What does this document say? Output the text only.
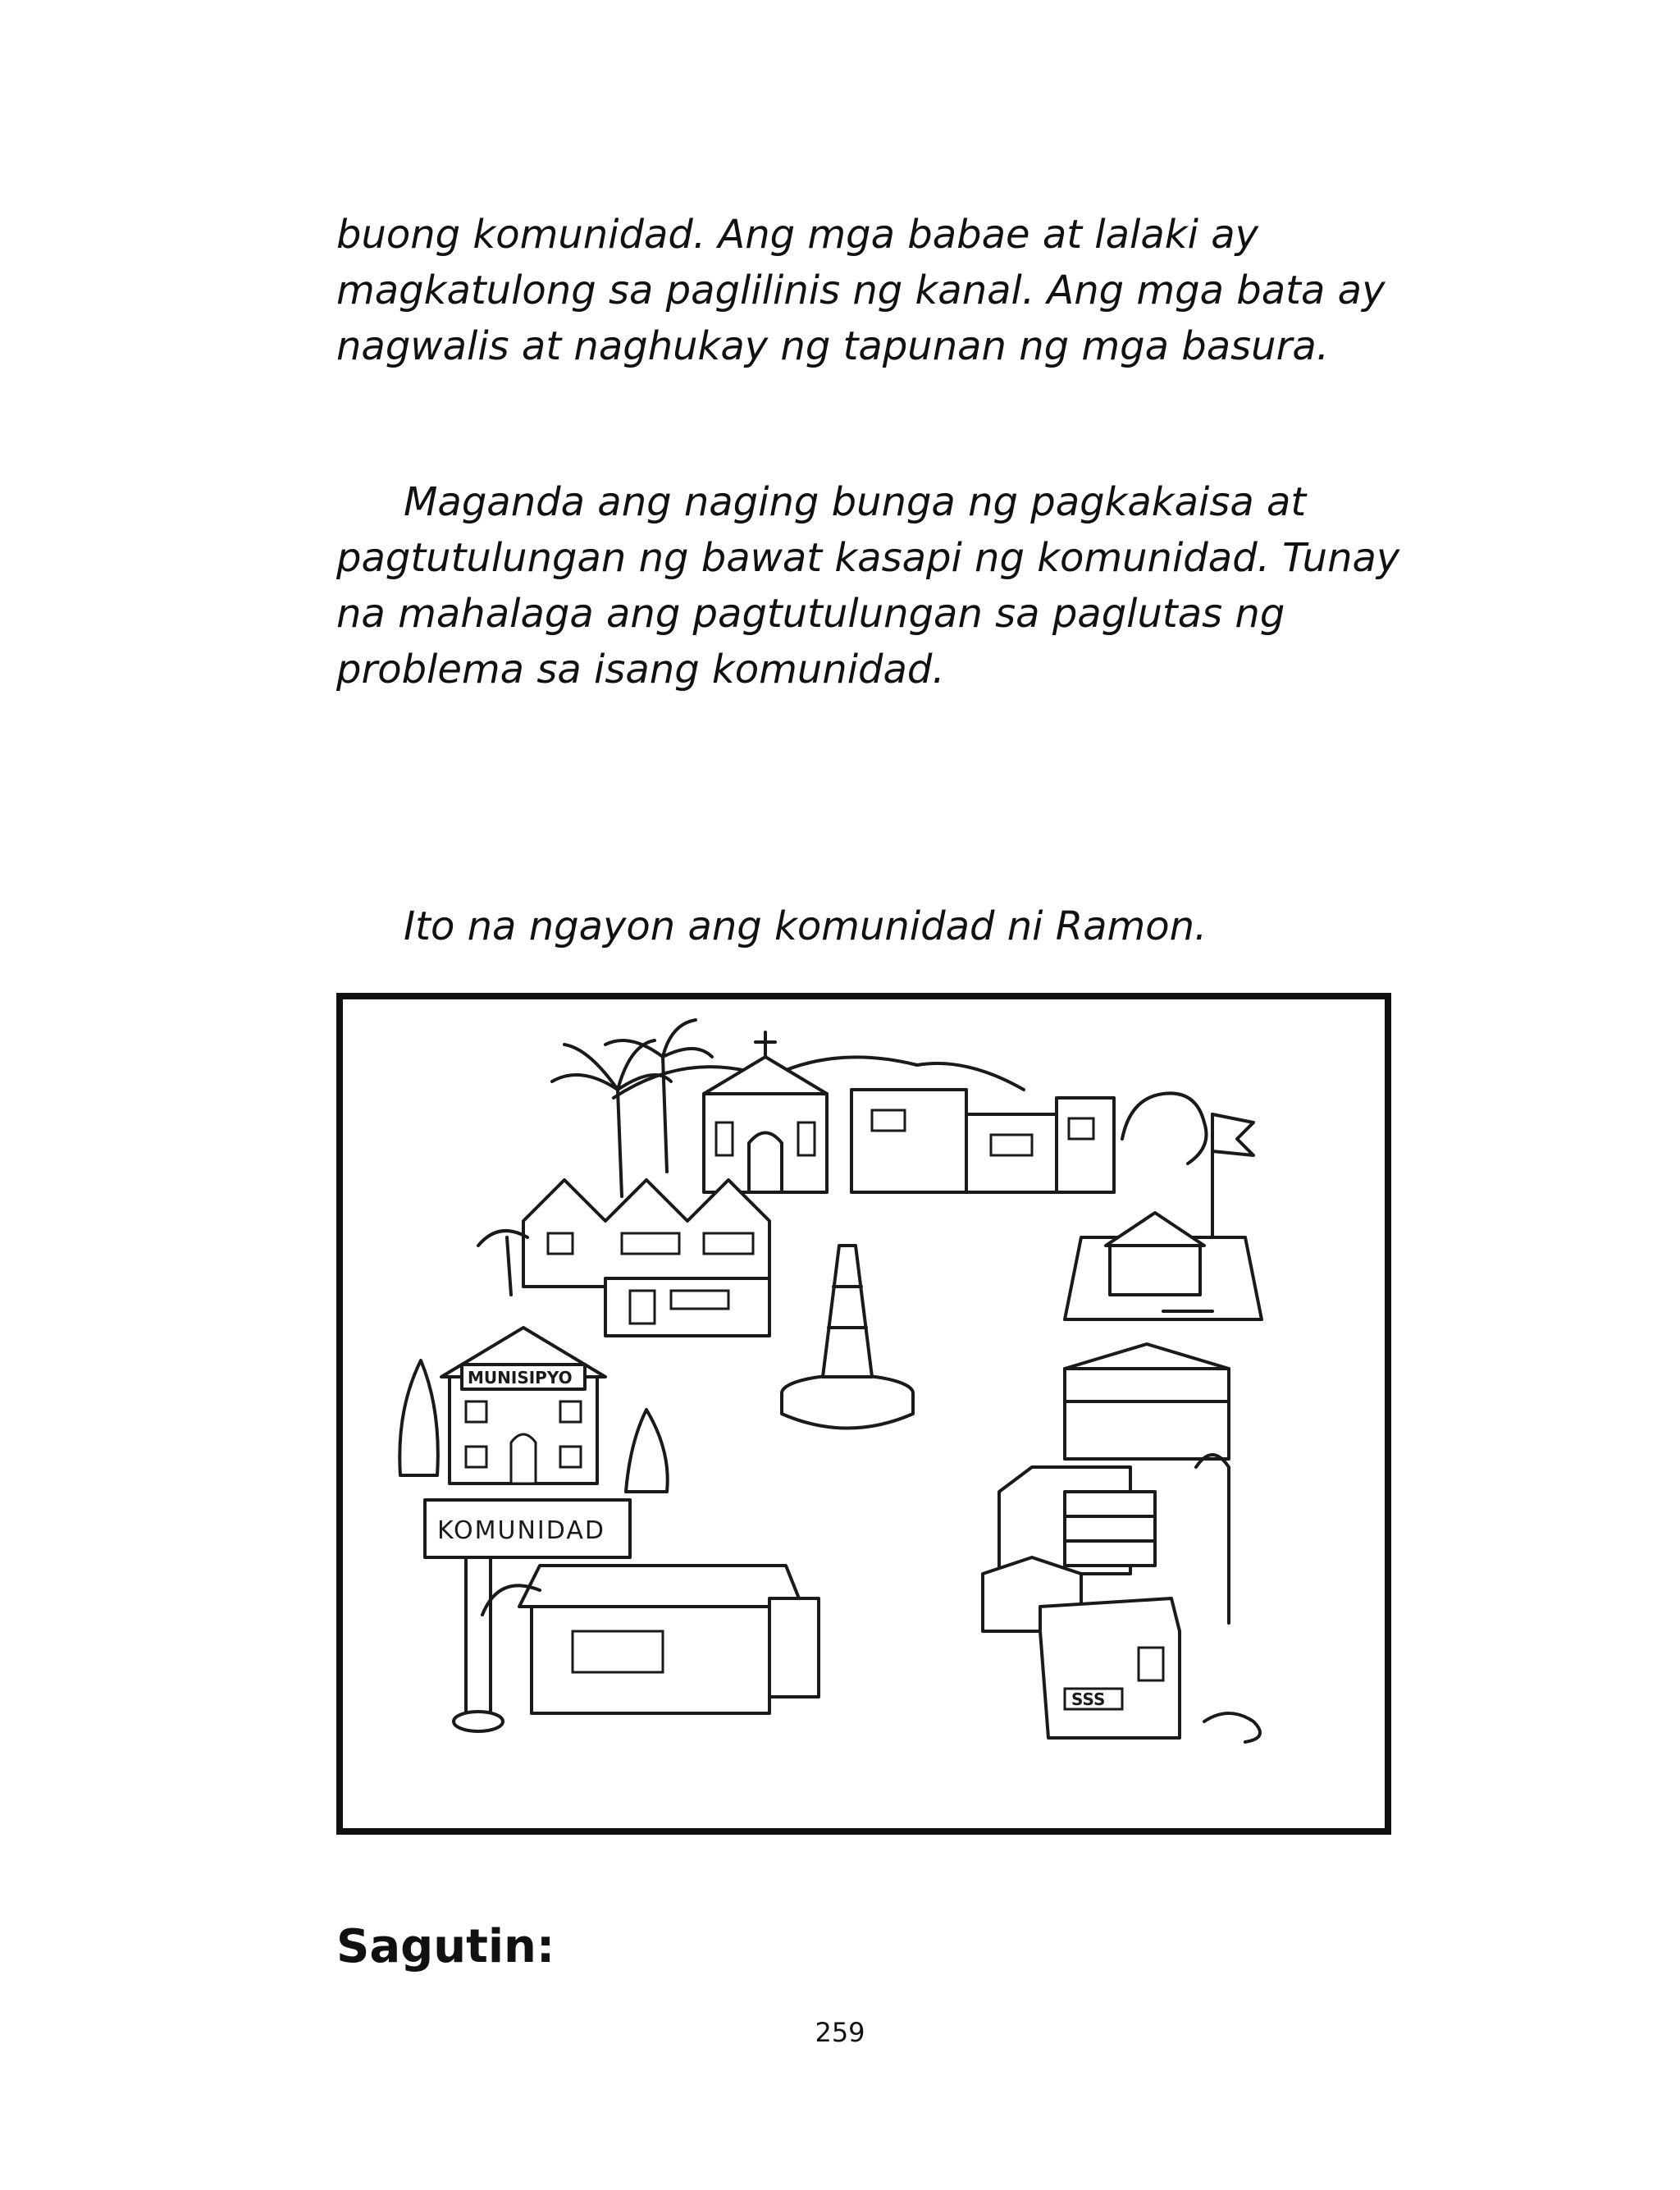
buong komunidad. Ang mga babae at lalaki ay magkatulong sa paglilinis ng kanal. Ang mga bata ay nagwalis at naghukay ng tapunan ng mga basura.

Maganda ang naging bunga ng pagkakaisa at pagtutulungan ng bawat kasapi ng komunidad. Tunay na mahalaga ang pagtutulungan sa paglutas ng problema sa isang komunidad.

Ito na ngayon ang komunidad ni Ramon.

MUNISIPYO
KOMUNIDAD
SSS
Sagutin:
259
